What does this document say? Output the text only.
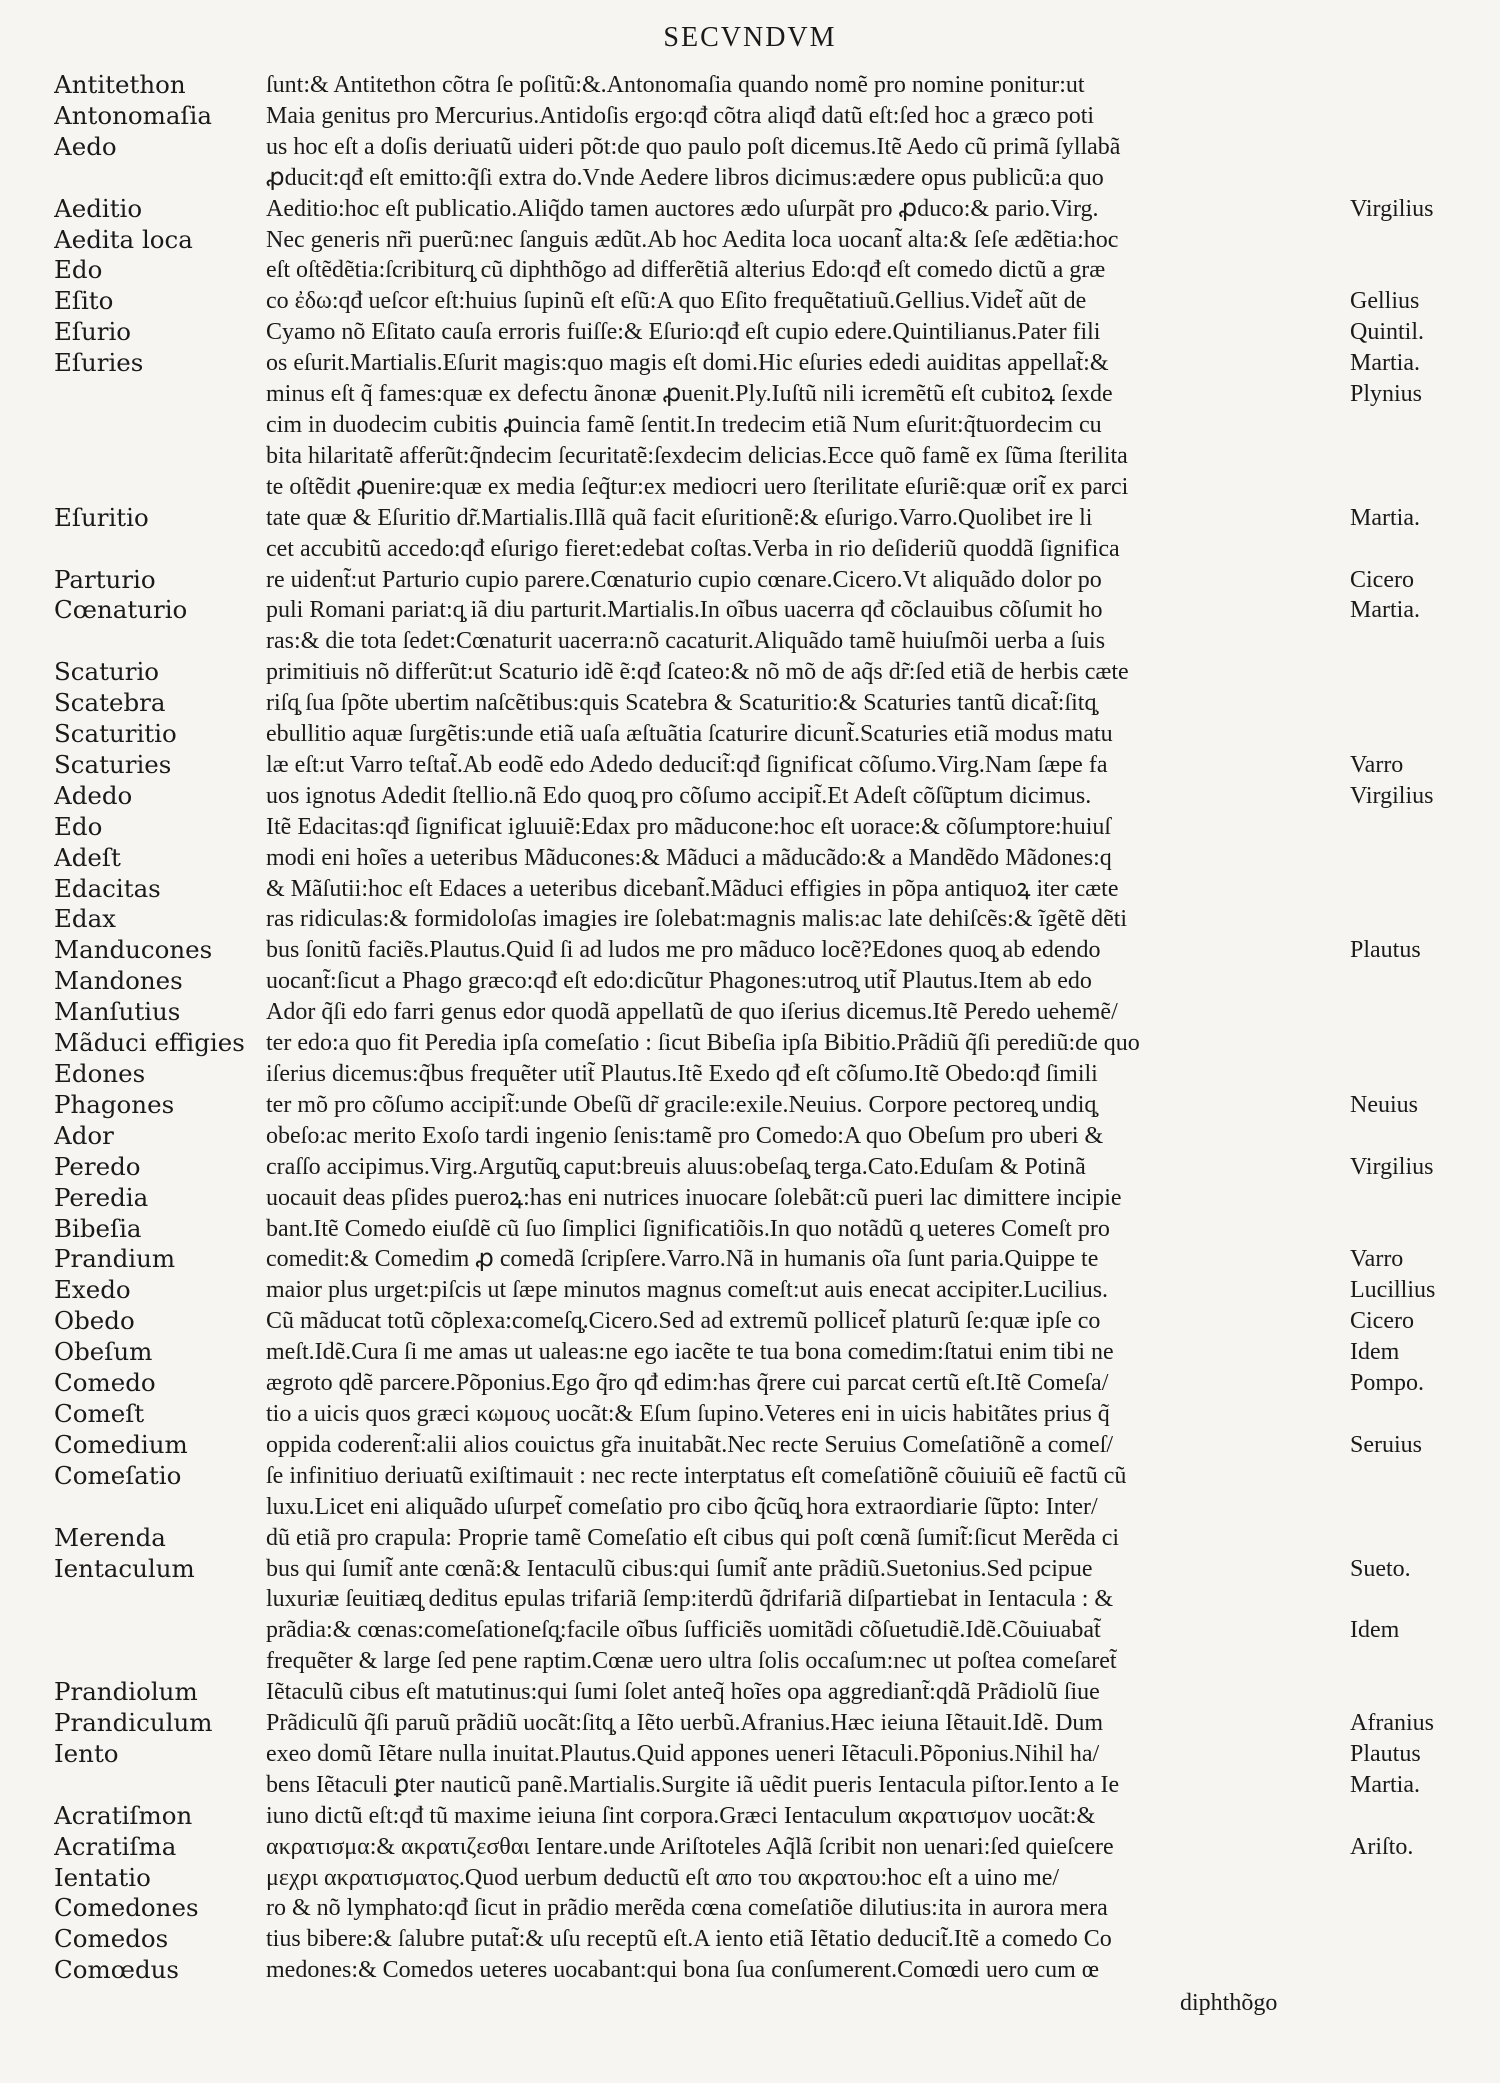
SECVNDVM
Antitethon	ſunt:& Antitethon cõtra ſe poſitũ:&.Antonomaſia quando nomẽ pro nomine ponitur:ut
Antonomaſia	Maia genitus pro Mercurius.Antidoſis ergo:qđ cõtra aliqđ datũ eſt:ſed hoc a græco poti
Aedo	us hoc eſt a doſis deriuatũ uideri põt:de quo paulo poſt dicemus.Itẽ Aedo cũ primã ſyllabã
ꝓducit:qđ eſt emitto:q̃ſi extra do.Vnde Aedere libros dicimus:ædere opus publicũ:a quo
Aeditio	Aeditio:hoc eſt publicatio.Aliq̃do tamen auctores ædo uſurpãt pro ꝓduco:& pario.Virg.	Virgilius
Aedita loca	Nec generis nr̃i puerũ:nec ſanguis ædũt.Ab hoc Aedita loca uocant̃ alta:& ſeſe ædẽtia:hoc
Edo	eſt oſtẽdẽtia:ſcribiturq̧ cũ diphthõgo ad differẽtiã alterius Edo:qđ eſt comedo dictũ a græ
Eſito	co ἐδω:qđ ueſcor eſt:huius ſupinũ eſt eſũ:A quo Eſito frequẽtatiuũ.Gellius.Videt̃ aũt de	Gellius
Eſurio	Cyamo nõ Eſitato cauſa erroris fuiſſe:& Eſurio:qđ eſt cupio edere.Quintilianus.Pater fili	Quintil.
Eſuries	os eſurit.Martialis.Eſurit magis:quo magis eſt domi.Hic eſuries ededi auiditas appellat̃:&	Martia.
minus eſt q̃ fames:quæ ex defectu ãnonæ ꝓuenit.Ply.Iuſtũ nili icremẽtũ eſt cubitoꝝ ſexde	Plynius
cim in duodecim cubitis ꝓuincia famẽ ſentit.In tredecim etiã Num eſurit:q̃tuordecim cu
bita hilaritatẽ afferũt:q̃ndecim ſecuritatẽ:ſexdecim delicias.Ecce quõ famẽ ex ſũma ſterilita
te oſtẽdit ꝓuenire:quæ ex media ſeq̃tur:ex mediocri uero ſterilitate eſuriẽ:quæ orit̃ ex parci
Eſuritio	tate quæ & Eſuritio dr̃.Martialis.Illã quã facit eſuritionẽ:& eſurigo.Varro.Quolibet ire li	Martia.
cet accubitũ accedo:qđ eſurigo fieret:edebat coſtas.Verba in rio deſideriũ quoddã ſignifica
Parturio	re uident̃:ut Parturio cupio parere.Cœnaturio cupio cœnare.Cicero.Vt aliquãdo dolor po	Cicero
Cœnaturio	puli Romani pariat:q̧ iã diu parturit.Martialis.In oĩbus uacerra qđ cõclauibus cõſumit ho	Martia.
ras:& die tota ſedet:Cœnaturit uacerra:nõ cacaturit.Aliquãdo tamẽ huiuſmõi uerba a ſuis
Scaturio	primitiuis nõ differũt:ut Scaturio idẽ ẽ:qđ ſcateo:& nõ mõ de aq̃s dr̃:ſed etiã de herbis cæte
Scatebra	riſq̧ ſua ſpõte ubertim naſcẽtibus:quis Scatebra & Scaturitio:& Scaturies tantũ dicat̃:ſitq̧
Scaturitio	ebullitio aquæ ſurgẽtis:unde etiã uaſa æſtuãtia ſcaturire dicunt̃.Scaturies etiã modus matu
Scaturies	læ eſt:ut Varro teſtat̃.Ab eodẽ edo Adedo deducit̃:qđ ſignificat cõſumo.Virg.Nam ſæpe fa	Varro
Adedo	uos ignotus Adedit ſtellio.nã Edo quoq̧ pro cõſumo accipit̃.Et Adeſt cõſũptum dicimus.	Virgilius
Edo	Itẽ Edacitas:qđ ſignificat igluuiẽ:Edax pro mãducone:hoc eſt uorace:& cõſumptore:huiuſ
Adeſt	modi eni hoĩes a ueteribus Mãducones:& Mãduci a mãducãdo:& a Mandẽdo Mãdones:q
Edacitas	& Mãſutii:hoc eſt Edaces a ueteribus dicebant̃.Mãduci effigies in põpa antiquoꝝ iter cæte
Edax	ras ridiculas:& formidoloſas imagies ire ſolebat:magnis malis:ac late dehiſcẽs:& ĩgẽtẽ dẽti
Manducones	bus ſonitũ faciẽs.Plautus.Quid ſi ad ludos me pro mãduco locẽ?Edones quoq̧ ab edendo	Plautus
Mandones	uocant̃:ſicut a Phago græco:qđ eſt edo:dicũtur Phagones:utroq̧ utit̃ Plautus.Item ab edo
Manſutius	Ador q̃ſi edo farri genus edor quodã appellatũ de quo iſerius dicemus.Itẽ Peredo uehemẽ/
Mãduci effigies ter edo:a quo fit Peredia ipſa comeſatio : ſicut Bibeſia ipſa Bibitio.Prãdiũ q̃ſi perediũ:de quo
Edones	iſerius dicemus:q̃bus frequẽter utit̃ Plautus.Itẽ Exedo qđ eſt cõſumo.Itẽ Obedo:qđ ſimili
Phagones	ter mõ pro cõſumo accipit̃:unde Obeſũ dr̃ gracile:exile.Neuius. Corpore pectoreq̧ undiq̧	Neuius
Ador	obeſo:ac merito Exoſo tardi ingenio ſenis:tamẽ pro Comedo:A quo Obeſum pro uberi &
Peredo	craſſo accipimus.Virg.Argutũq̧ caput:breuis aluus:obeſaq̧ terga.Cato.Eduſam & Potinã	Virgilius
Peredia	uocauit deas pſides pueroꝝ:has eni nutrices inuocare ſolebãt:cũ pueri lac dimittere incipie
Bibeſia	bant.Itẽ Comedo eiuſdẽ cũ ſuo ſimplici ſignificatiõis.In quo notãdũ q̧ ueteres Comeſt pro
Prandium	comedit:& Comedim ꝓ comedã ſcripſere.Varro.Nã in humanis oĩa ſunt paria.Quippe te	Varro
Exedo	maior plus urget:piſcis ut ſæpe minutos magnus comeſt:ut auis enecat accipiter.Lucilius.	Lucillius
Obedo	Cũ mãducat totũ cõplexa:comeſq̧.Cicero.Sed ad extremũ pollicet̃ platurũ ſe:quæ ipſe co	Cicero
Obeſum	meſt.Idẽ.Cura ſi me amas ut ualeas:ne ego iacẽte te tua bona comedim:ſtatui enim tibi ne	Idem
Comedo	ægroto qdẽ parcere.Põponius.Ego q̃ro qđ edim:has q̃rere cui parcat certũ eſt.Itẽ Comeſa/	Pompo.
Comeſt	tio a uicis quos græci κωμους uocãt:& Eſum ſupino.Veteres eni in uicis habitãtes prius q̃
Comedium	oppida coderent̃:alii alios couictus gr̃a inuitabãt.Nec recte Seruius Comeſatiõnẽ a comeſ/	Seruius
Comeſatio	ſe infinitiuo deriuatũ exiſtimauit : nec recte interptatus eſt comeſatiõnẽ cõuiuiũ eẽ factũ cũ
luxu.Licet eni aliquãdo uſurpet̃ comeſatio pro cibo q̃cũq̧ hora extraordiarie ſũpto: Inter/
Merenda	dũ etiã pro crapula: Proprie tamẽ Comeſatio eſt cibus qui poſt cœnã ſumit̃:ſicut Merẽda ci
Ientaculum	bus qui ſumit̃ ante cœnã:& Ientaculũ cibus:qui ſumit̃ ante prãdiũ.Suetonius.Sed pcipue	Sueto.
luxuriæ ſeuitiæq̧ deditus epulas trifariã ſemp:iterdũ q̃drifariã diſpartiebat in Ientacula : &
prãdia:& cœnas:comeſationeſq̧:facile oĩbus ſufficiẽs uomitãdi cõſuetudiẽ.Idẽ.Cõuiuabat̃	Idem
frequẽter & large ſed pene raptim.Cœnæ uero ultra ſolis occaſum:nec ut poſtea comeſaret̃
Prandiolum	Iẽtaculũ cibus eſt matutinus:qui ſumi ſolet anteq̃ hoĩes opa aggrediant̃:qdã Prãdiolũ ſiue
Prandiculum	Prãdiculũ q̃ſi paruũ prãdiũ uocãt:ſitq̧ a Iẽto uerbũ.Afranius.Hæc ieiuna Iẽtauit.Idẽ. Dum	Afranius
Iento	exeo domũ Iẽtare nulla inuitat.Plautus.Quid appones ueneri Iẽtaculi.Põponius.Nihil ha/	Plautus
bens Iẽtaculi ꝑter nauticũ panẽ.Martialis.Surgite iã uẽdit pueris Ientacula piſtor.Iento a Ie	Martia.
Acratiſmon	iuno dictũ eſt:qđ tũ maxime ieiuna ſint corpora.Græci Ientaculum ακρατισμον uocãt:&
Acratiſma	ακρατισμα:& ακρατιζεσθαι Ientare.unde Ariſtoteles Aq̃lã ſcribit non uenari:ſed quieſcere	Ariſto.
Ientatio	μεχρι ακρατισματος.Quod uerbum deductũ eſt απο του ακρατου:hoc eſt a uino me/
Comedones	ro & nõ lymphato:qđ ſicut in prãdio merẽda cœna comeſatiõe dilutius:ita in aurora mera
Comedos	tius bibere:& ſalubre putat̃:& uſu receptũ eſt.A iento etiã Iẽtatio deducit̃.Itẽ a comedo Co
Comœdus	medones:& Comedos ueteres uocabant:qui bona ſua conſumerent.Comœdi uero cum œ
diphthõgo
